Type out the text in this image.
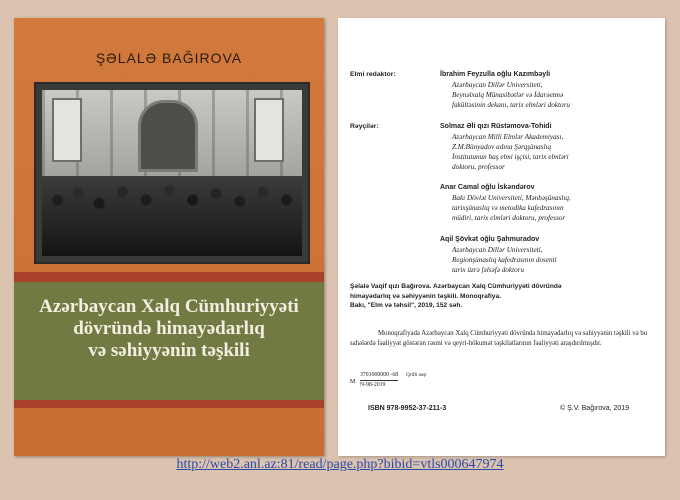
ŞƏLALƏ BAĞIROVA
Azərbaycan Xalq Cümhuriyyəti
dövründə himayədarlıq
və səhiyyənin təşkili
Elmi redaktor:	İbrahim Feyzulla oğlu Kazımbəyli
Azərbaycan Dillər Universiteti,
Beynəlxalq Münasibətlər və İdarəetmə
fakültəsinin dekanı, tarix elmləri doktoru
Rəyçilər:	Solmaz Əli qızı Rüstəmova-Tohidi
Azərbaycan Milli Elmlər Akademiyası,
Z.M.Bünyadov adına Şərqşünaslıq
İnstitutunun baş elmi işçisi, tarix elmləri
doktoru, professor
Anar Camal oğlu İskəndərov
Bakı Dövlət Universiteti, Mənbəşünaslıq,
tarixşünaslıq və metodika kafedrasının
müdiri, tarix elmləri doktoru, professor
Aqil Şövkət oğlu Şahmuradov
Azərbaycan Dillər Universiteti,
Regionşünaslıq kafedrasının dosenti
tarix üzrə fəlsəfə doktoru
Şəlalə Vaqif qızı Bağırova. Azərbaycan Xalq Cümhuriyyəti dövründə
himayədarlıq və səhiyyənin təşkili. Monoqrafiya.
Bakı, "Elm və təhsil", 2019, 152 səh.
Monoqrafiyada Azərbaycan Xalq Cümhuriyyəti dövründə himayədarlıq və səhiyyənin təşkili və bu sahələrdə fəaliyyət göstərən rəsmi və qeyri-hökumət təşkilatlarının fəaliyyəti araşdırılmışdır.
M
3701000000 -68 Qrifli nəşr
N-98-2019
ISBN 978-9952-37-211-3	© Ş.V. Bağırova, 2019
http://web2.anl.az:81/read/page.php?bibid=vtls000647974
